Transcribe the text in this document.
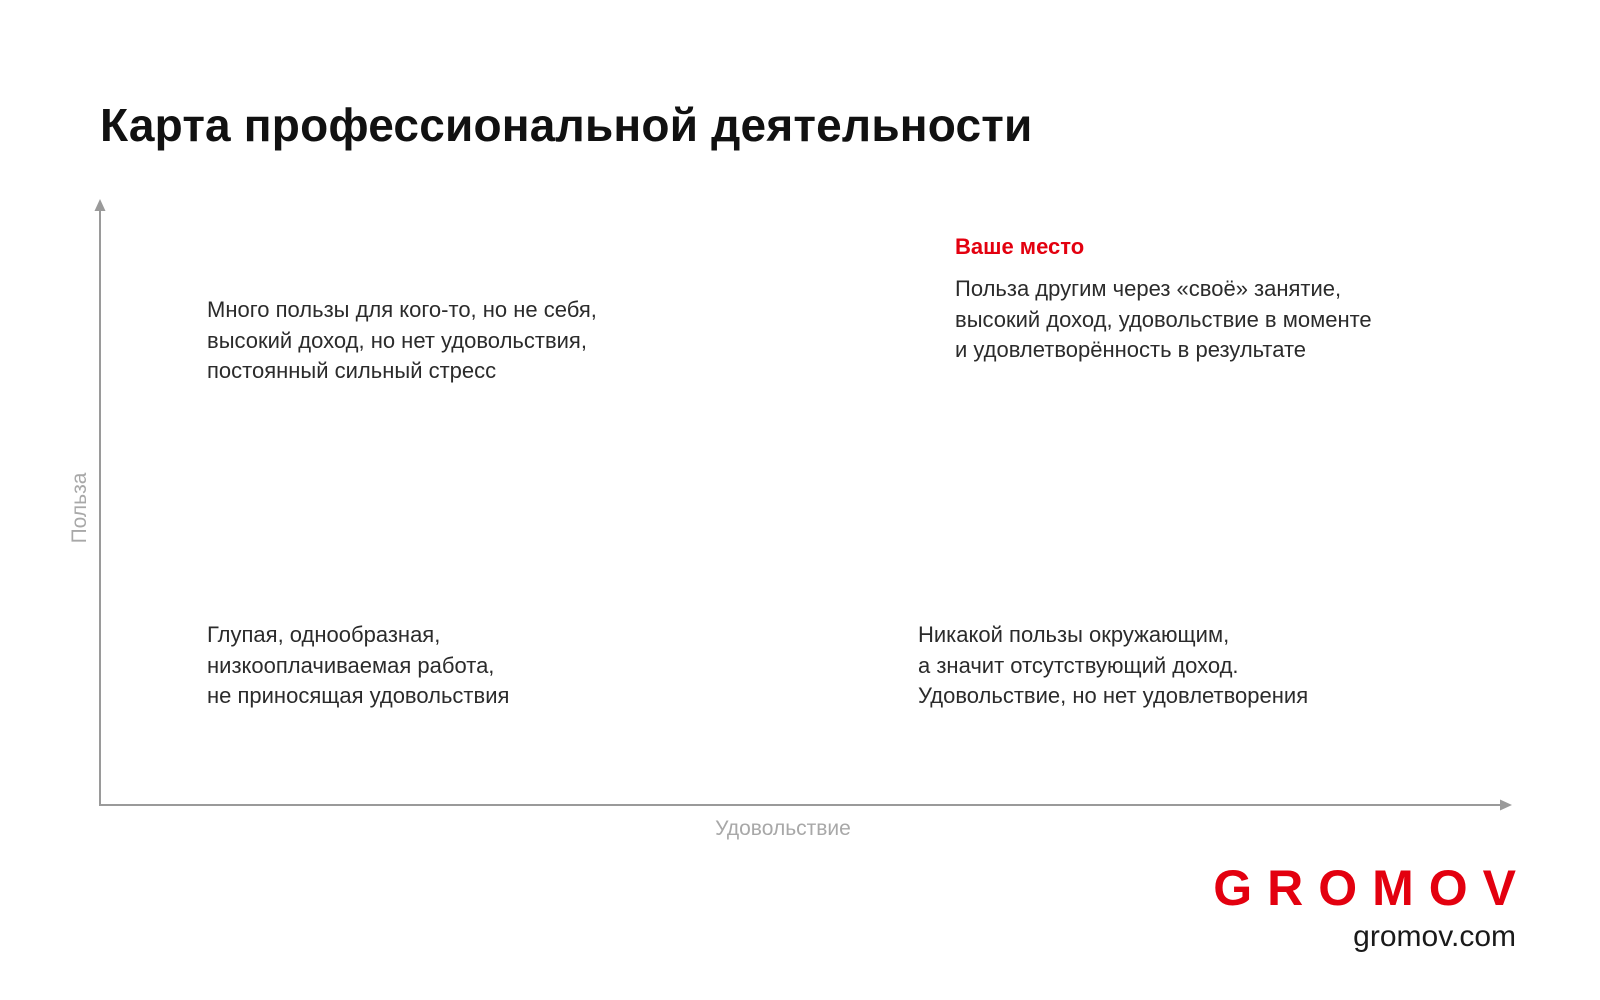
Карта профессиональной деятельности
Польза
Удовольствие
Много пользы для кого-то, но не себя,
высокий доход, но нет удовольствия,
постоянный сильный стресс
Ваше место
Польза другим через «своё» занятие,
высокий доход, удовольствие в моменте
и удовлетворённость в результате
Глупая, однообразная,
низкооплачиваемая работа,
не приносящая удовольствия
Никакой пользы окружающим,
а значит отсутствующий доход.
Удовольствие, но нет удовлетворения
GROMOV
gromov.com
